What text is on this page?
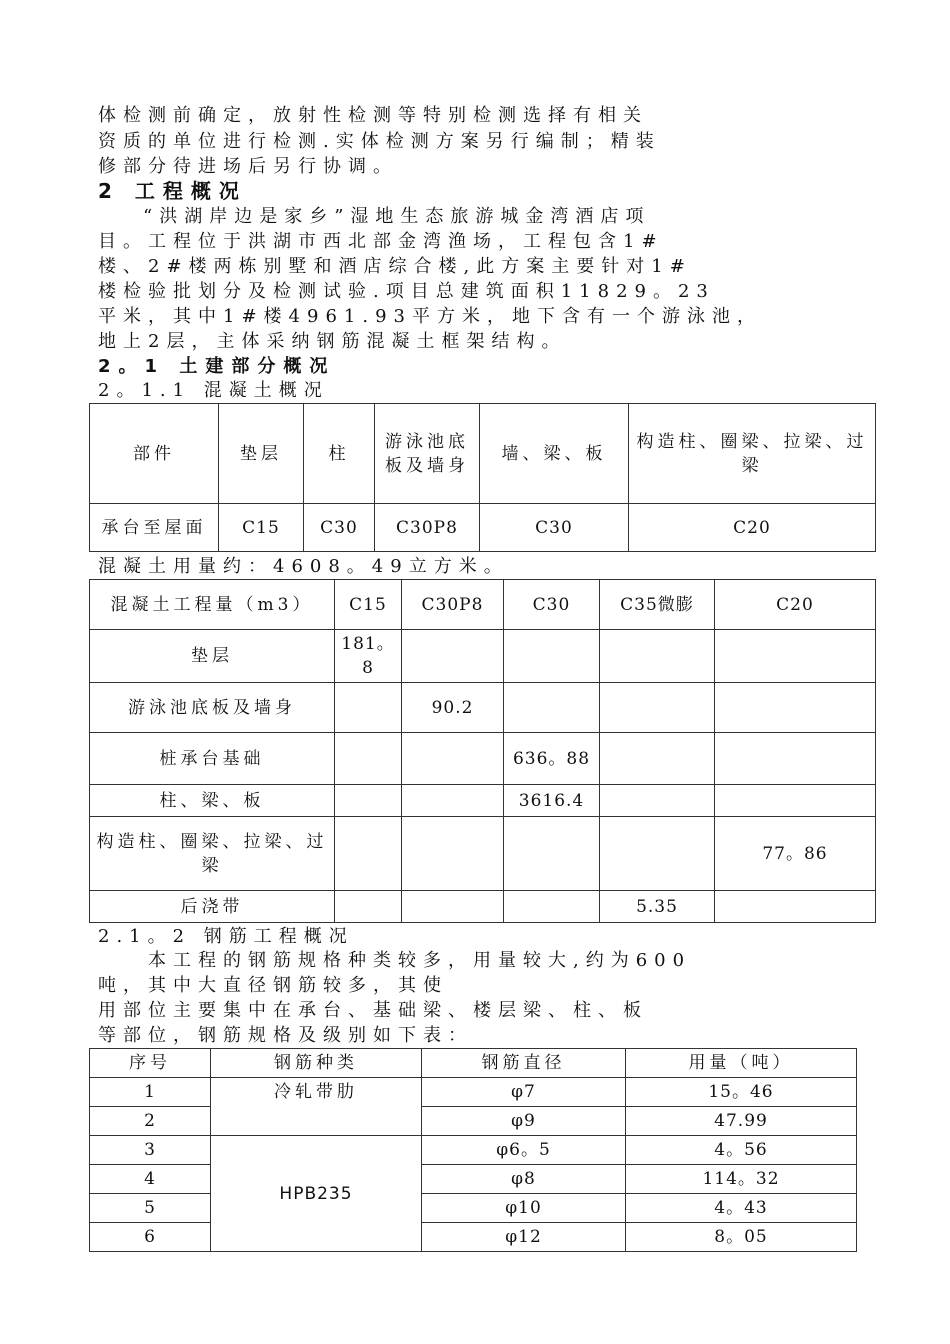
体检测前确定，放射性检测等特别检测选择有相关
资质的单位进行检测.实体检测方案另行编制；精装
修部分待进场后另行协调。
2 工程概况
“洪湖岸边是家乡”湿地生态旅游城金湾酒店项
目。工程位于洪湖市西北部金湾渔场，工程包含1#
楼、2#楼两栋别墅和酒店综合楼,此方案主要针对1#
楼检验批划分及检测试验.项目总建筑面积11829。23
平米，其中1#楼4961.93平方米，地下含有一个游泳池，
地上2层，主体采纳钢筋混凝土框架结构。
2。1 土建部分概况
2。1.1 混凝土概况
部件	垫层	柱	游泳池底板及墙身	墙、梁、板	构造柱、圈梁、拉梁、过梁
承台至屋面	C15	C30	C30P8	C30	C20
混凝土用量约：4608。49立方米。
混凝土工程量（m3）	C15	C30P8	C30	C35微膨	C20
垫层	181。8				
游泳池底板及墙身		90.2			
桩承台基础			636。88		
柱、梁、板			3616.4		
构造柱、圈梁、拉梁、过梁					77。86
后浇带				5.35	
2.1。2 钢筋工程概况
本工程的钢筋规格种类较多，用量较大,约为600
吨，其中大直径钢筋较多，其使
用部位主要集中在承台、基础梁、楼层梁、柱、板
等部位，钢筋规格及级别如下表：
序号	钢筋种类	钢筋直径	用量（吨）
1	冷轧带肋	φ7	15。46
2		φ9	47.99
3	HPB235	φ6。5	4。56
4		φ8	114。32
5		φ10	4。43
6		φ12	8。05
